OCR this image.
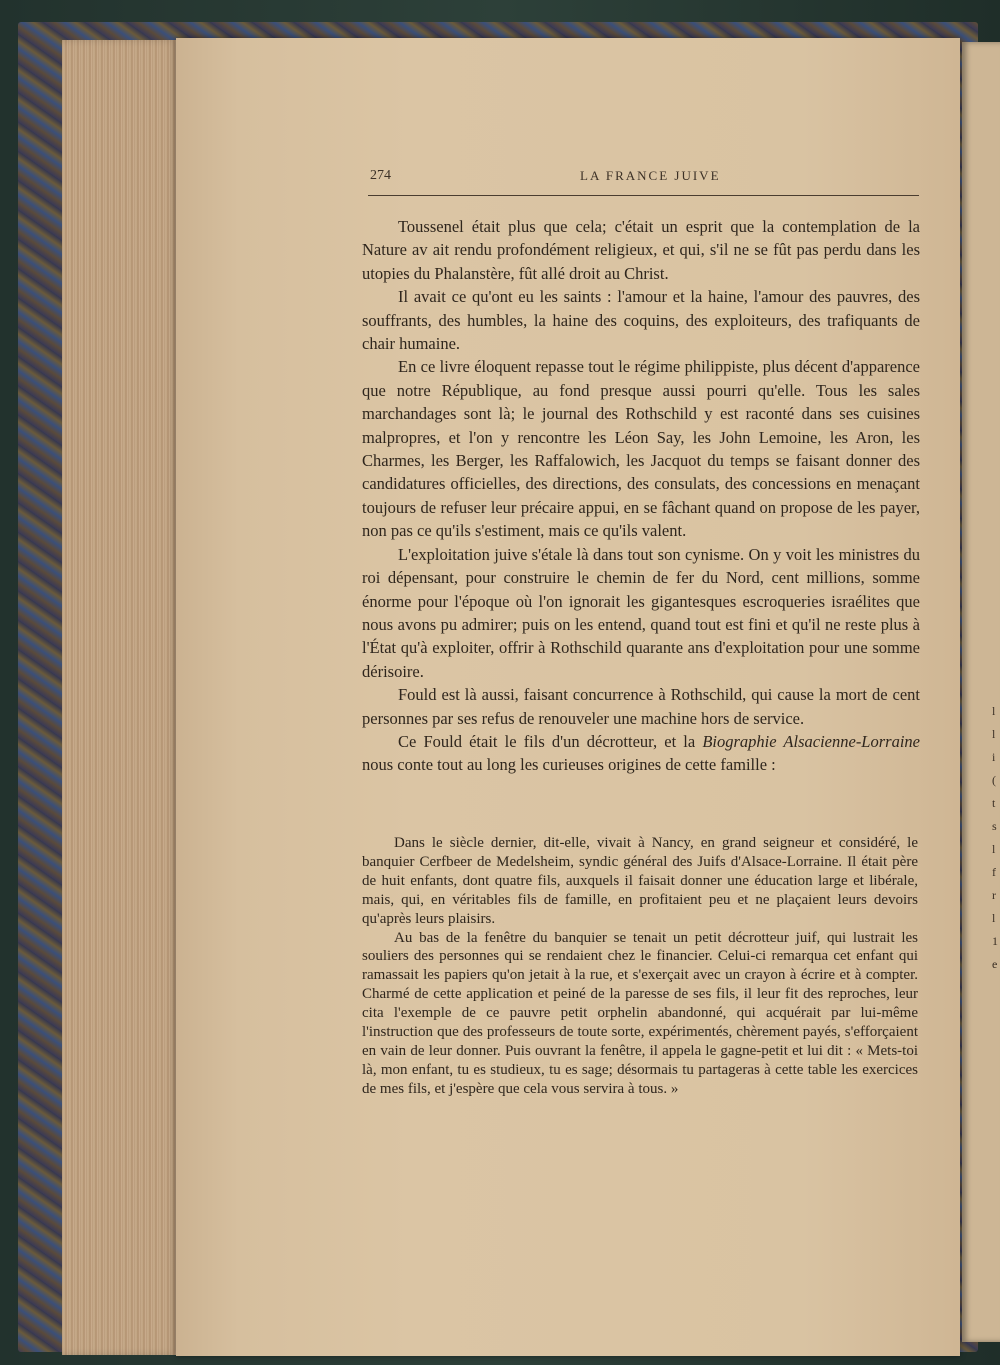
274	LA FRANCE JUIVE

Toussenel était plus que cela; c'était un esprit que la contemplation de la Nature av ait rendu profondément religieux, et qui, s'il ne se fût pas perdu dans les utopies du Phalanstère, fût allé droit au Christ.

Il avait ce qu'ont eu les saints : l'amour et la haine, l'amour des pauvres, des souffrants, des humbles, la haine des coquins, des exploiteurs, des trafiquants de chair humaine.

En ce livre éloquent repasse tout le régime philippiste, plus décent d'apparence que notre République, au fond presque aussi pourri qu'elle. Tous les sales marchandages sont là; le journal des Rothschild y est raconté dans ses cuisines malpropres, et l'on y rencontre les Léon Say, les John Lemoine, les Aron, les Charmes, les Berger, les Raffalowich, les Jacquot du temps se faisant donner des candidatures officielles, des directions, des consulats, des concessions en menaçant toujours de refuser leur précaire appui, en se fâchant quand on propose de les payer, non pas ce qu'ils s'estiment, mais ce qu'ils valent.

L'exploitation juive s'étale là dans tout son cynisme. On y voit les ministres du roi dépensant, pour construire le chemin de fer du Nord, cent millions, somme énorme pour l'époque où l'on ignorait les gigantesques escroqueries israélites que nous avons pu admirer; puis on les entend, quand tout est fini et qu'il ne reste plus à l'État qu'à exploiter, offrir à Rothschild quarante ans d'exploitation pour une somme dérisoire.

Fould est là aussi, faisant concurrence à Rothschild, qui cause la mort de cent personnes par ses refus de renouveler une machine hors de service.

Ce Fould était le fils d'un décrotteur, et la Biographie Alsacienne-Lorraine nous conte tout au long les curieuses origines de cette famille :

Dans le siècle dernier, dit-elle, vivait à Nancy, en grand seigneur et considéré, le banquier Cerfbeer de Medelsheim, syndic général des Juifs d'Alsace-Lorraine. Il était père de huit enfants, dont quatre fils, auxquels il faisait donner une éducation large et libérale, mais, qui, en véritables fils de famille, en profitaient peu et ne plaçaient leurs devoirs qu'après leurs plaisirs.

Au bas de la fenêtre du banquier se tenait un petit décrotteur juif, qui lustrait les souliers des personnes qui se rendaient chez le financier. Celui-ci remarqua cet enfant qui ramassait les papiers qu'on jetait à la rue, et s'exerçait avec un crayon à écrire et à compter. Charmé de cette application et peiné de la paresse de ses fils, il leur fit des reproches, leur cita l'exemple de ce pauvre petit orphelin abandonné, qui acquérait par lui-même l'instruction que des professeurs de toute sorte, expérimentés, chèrement payés, s'efforçaient en vain de leur donner. Puis ouvrant la fenêtre, il appela le gagne-petit et lui dit : « Mets-toi là, mon enfant, tu es studieux, tu es sage; désormais tu partageras à cette table les exercices de mes fils, et j'espère que cela vous servira à tous. »

l
l
i
(
t
s
l
f
r
l
1
e
